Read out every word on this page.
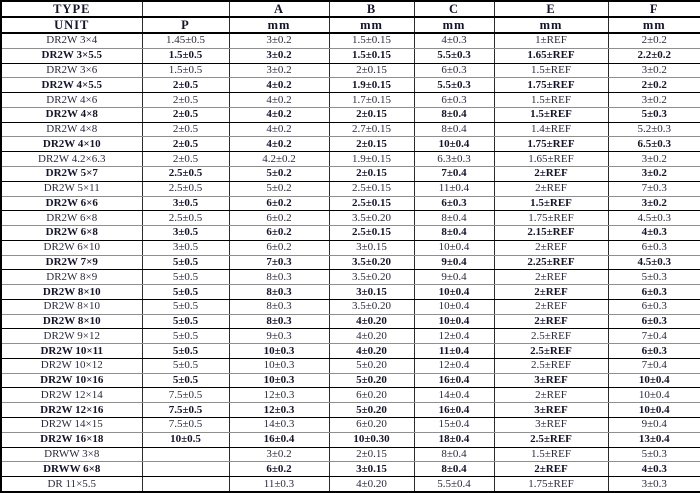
TYPE		A	B	C	E	F
UNIT	P	mm	mm	mm	mm	mm
DR2W 3×4	1.45±0.5	3±0.2	1.5±0.15	4±0.3	1±REF	2±0.2
DR2W 3×5.5	1.5±0.5	3±0.2	1.5±0.15	5.5±0.3	1.65±REF	2.2±0.2
DR2W 3×6	1.5±0.5	3±0.2	2±0.15	6±0.3	1.5±REF	3±0.2
DR2W 4×5.5	2±0.5	4±0.2	1.9±0.15	5.5±0.3	1.75±REF	2±0.2
DR2W 4×6	2±0.5	4±0.2	1.7±0.15	6±0.3	1.5±REF	3±0.2
DR2W 4×8	2±0.5	4±0.2	2±0.15	8±0.4	1.5±REF	5±0.3
DR2W 4×8	2±0.5	4±0.2	2.7±0.15	8±0.4	1.4±REF	5.2±0.3
DR2W 4×10	2±0.5	4±0.2	2±0.15	10±0.4	1.75±REF	6.5±0.3
DR2W 4.2×6.3	2±0.5	4.2±0.2	1.9±0.15	6.3±0.3	1.65±REF	3±0.2
DR2W 5×7	2.5±0.5	5±0.2	2±0.15	7±0.4	2±REF	3±0.2
DR2W 5×11	2.5±0.5	5±0.2	2.5±0.15	11±0.4	2±REF	7±0.3
DR2W 6×6	3±0.5	6±0.2	2.5±0.15	6±0.3	1.5±REF	3±0.2
DR2W 6×8	2.5±0.5	6±0.2	3.5±0.20	8±0.4	1.75±REF	4.5±0.3
DR2W 6×8	3±0.5	6±0.2	2.5±0.15	8±0.4	2.15±REF	4±0.3
DR2W 6×10	3±0.5	6±0.2	3±0.15	10±0.4	2±REF	6±0.3
DR2W 7×9	5±0.5	7±0.3	3.5±0.20	9±0.4	2.25±REF	4.5±0.3
DR2W 8×9	5±0.5	8±0.3	3.5±0.20	9±0.4	2±REF	5±0.3
DR2W 8×10	5±0.5	8±0.3	3±0.15	10±0.4	2±REF	6±0.3
DR2W 8×10	5±0.5	8±0.3	3.5±0.20	10±0.4	2±REF	6±0.3
DR2W 8×10	5±0.5	8±0.3	4±0.20	10±0.4	2±REF	6±0.3
DR2W 9×12	5±0.5	9±0.3	4±0.20	12±0.4	2.5±REF	7±0.4
DR2W 10×11	5±0.5	10±0.3	4±0.20	11±0.4	2.5±REF	6±0.3
DR2W 10×12	5±0.5	10±0.3	5±0.20	12±0.4	2.5±REF	7±0.4
DR2W 10×16	5±0.5	10±0.3	5±0.20	16±0.4	3±REF	10±0.4
DR2W 12×14	7.5±0.5	12±0.3	6±0.20	14±0.4	2±REF	10±0.4
DR2W 12×16	7.5±0.5	12±0.3	5±0.20	16±0.4	3±REF	10±0.4
DR2W 14×15	7.5±0.5	14±0.3	6±0.20	15±0.4	3±REF	9±0.4
DR2W 16×18	10±0.5	16±0.4	10±0.30	18±0.4	2.5±REF	13±0.4
DRWW 3×8		3±0.2	2±0.15	8±0.4	1.5±REF	5±0.3
DRWW 6×8		6±0.2	3±0.15	8±0.4	2±REF	4±0.3
DR 11×5.5		11±0.3	4±0.20	5.5±0.4	1.75±REF	3±0.3
